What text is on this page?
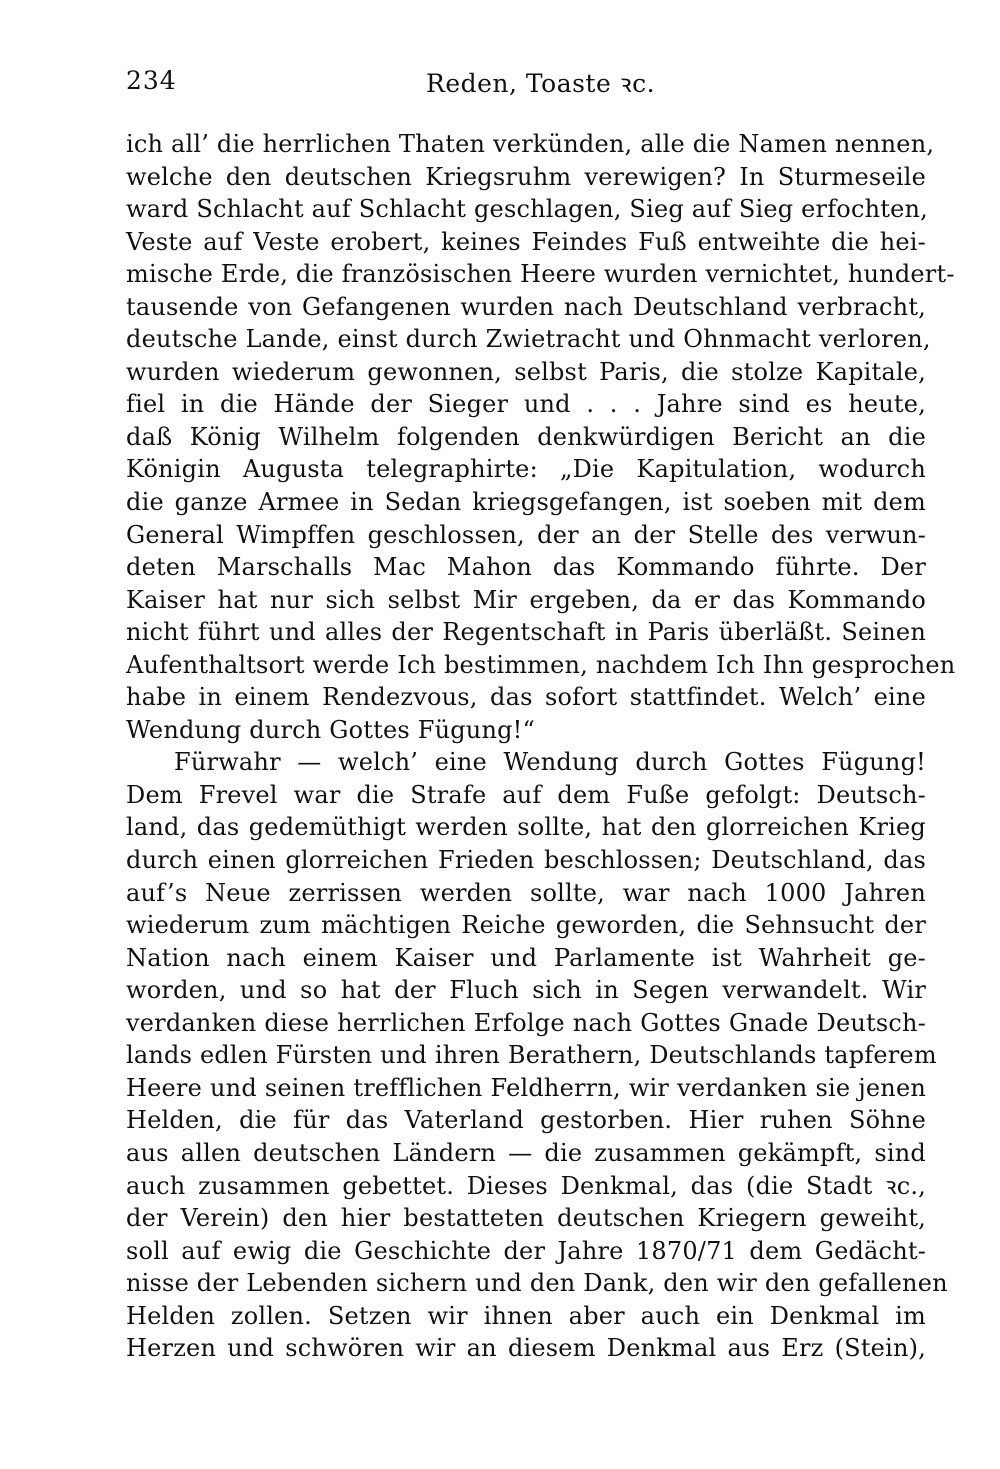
234	Reden, Toaste ꝛc.
ich all’ die herrlichen Thaten verkünden, alle die Namen nennen,
welche den deutschen Kriegsruhm verewigen? In Sturmeseile
ward Schlacht auf Schlacht geschlagen, Sieg auf Sieg erfochten,
Veste auf Veste erobert, keines Feindes Fuß entweihte die hei-
mische Erde, die französischen Heere wurden vernichtet, hundert-
tausende von Gefangenen wurden nach Deutschland verbracht,
deutsche Lande, einst durch Zwietracht und Ohnmacht verloren,
wurden wiederum gewonnen, selbst Paris, die stolze Kapitale,
fiel in die Hände der Sieger und . . . Jahre sind es heute,
daß König Wilhelm folgenden denkwürdigen Bericht an die
Königin Augusta telegraphirte: „Die Kapitulation, wodurch
die ganze Armee in Sedan kriegsgefangen, ist soeben mit dem
General Wimpffen geschlossen, der an der Stelle des verwun-
deten Marschalls Mac Mahon das Kommando führte. Der
Kaiser hat nur sich selbst Mir ergeben, da er das Kommando
nicht führt und alles der Regentschaft in Paris überläßt. Seinen
Aufenthaltsort werde Ich bestimmen, nachdem Ich Ihn gesprochen
habe in einem Rendezvous, das sofort stattfindet. Welch’ eine
Wendung durch Gottes Fügung!“
Fürwahr — welch’ eine Wendung durch Gottes Fügung!
Dem Frevel war die Strafe auf dem Fuße gefolgt: Deutsch-
land, das gedemüthigt werden sollte, hat den glorreichen Krieg
durch einen glorreichen Frieden beschlossen; Deutschland, das
auf’s Neue zerrissen werden sollte, war nach 1000 Jahren
wiederum zum mächtigen Reiche geworden, die Sehnsucht der
Nation nach einem Kaiser und Parlamente ist Wahrheit ge-
worden, und so hat der Fluch sich in Segen verwandelt. Wir
verdanken diese herrlichen Erfolge nach Gottes Gnade Deutsch-
lands edlen Fürsten und ihren Berathern, Deutschlands tapferem
Heere und seinen trefflichen Feldherrn, wir verdanken sie jenen
Helden, die für das Vaterland gestorben. Hier ruhen Söhne
aus allen deutschen Ländern — die zusammen gekämpft, sind
auch zusammen gebettet. Dieses Denkmal, das (die Stadt ꝛc.,
der Verein) den hier bestatteten deutschen Kriegern geweiht,
soll auf ewig die Geschichte der Jahre 1870/71 dem Gedächt-
nisse der Lebenden sichern und den Dank, den wir den gefallenen
Helden zollen. Setzen wir ihnen aber auch ein Denkmal im
Herzen und schwören wir an diesem Denkmal aus Erz (Stein),
